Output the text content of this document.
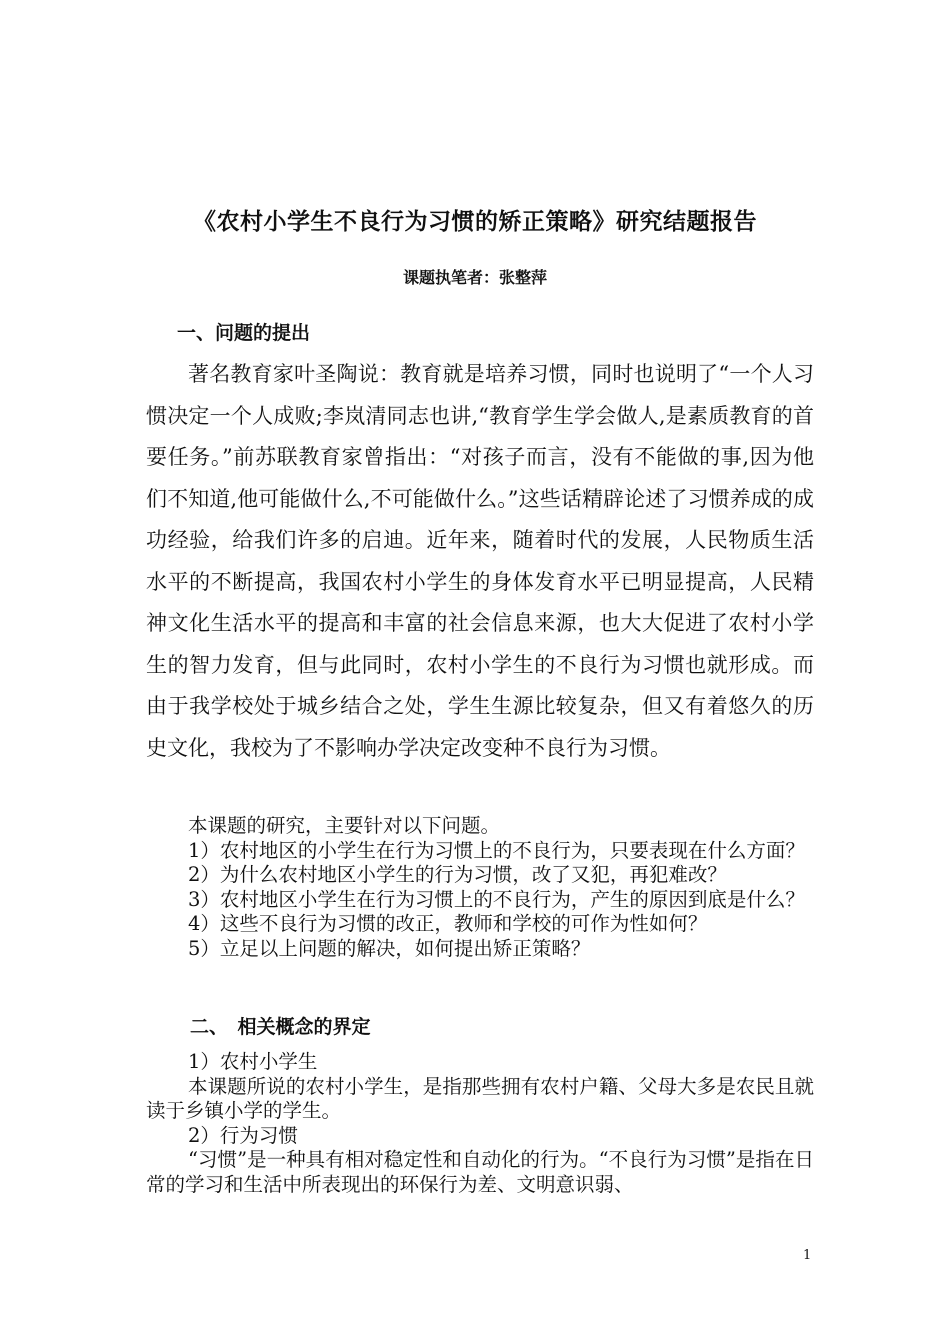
《农村小学生不良行为习惯的矫正策略》研究结题报告
课题执笔者：张整萍
一、问题的提出

著名教育家叶圣陶说：教育就是培养习惯，同时也说明了“一个人习惯决定一个人成败;李岚清同志也讲,“教育学生学会做人,是素质教育的首要任务。”前苏联教育家曾指出：“对孩子而言，没有不能做的事,因为他们不知道,他可能做什么,不可能做什么。”这些话精辟论述了习惯养成的成功经验，给我们许多的启迪。近年来，随着时代的发展，人民物质生活水平的不断提高，我国农村小学生的身体发育水平已明显提高，人民精神文化生活水平的提高和丰富的社会信息来源，也大大促进了农村小学生的智力发育，但与此同时，农村小学生的不良行为习惯也就形成。而由于我学校处于城乡结合之处，学生生源比较复杂，但又有着悠久的历史文化，我校为了不影响办学决定改变种不良行为习惯。

本课题的研究，主要针对以下问题。

1）农村地区的小学生在行为习惯上的不良行为，只要表现在什么方面？

2）为什么农村地区小学生的行为习惯，改了又犯，再犯难改？

3）农村地区小学生在行为习惯上的不良行为，产生的原因到底是什么？

4）这些不良行为习惯的改正，教师和学校的可作为性如何？

5）立足以上问题的解决，如何提出矫正策略？

二、　相关概念的界定

1）农村小学生

本课题所说的农村小学生，是指那些拥有农村户籍、父母大多是农民且就读于乡镇小学的学生。

2）行为习惯

“习惯”是一种具有相对稳定性和自动化的行为。“不良行为习惯”是指在日常的学习和生活中所表现出的环保行为差、文明意识弱、

1
